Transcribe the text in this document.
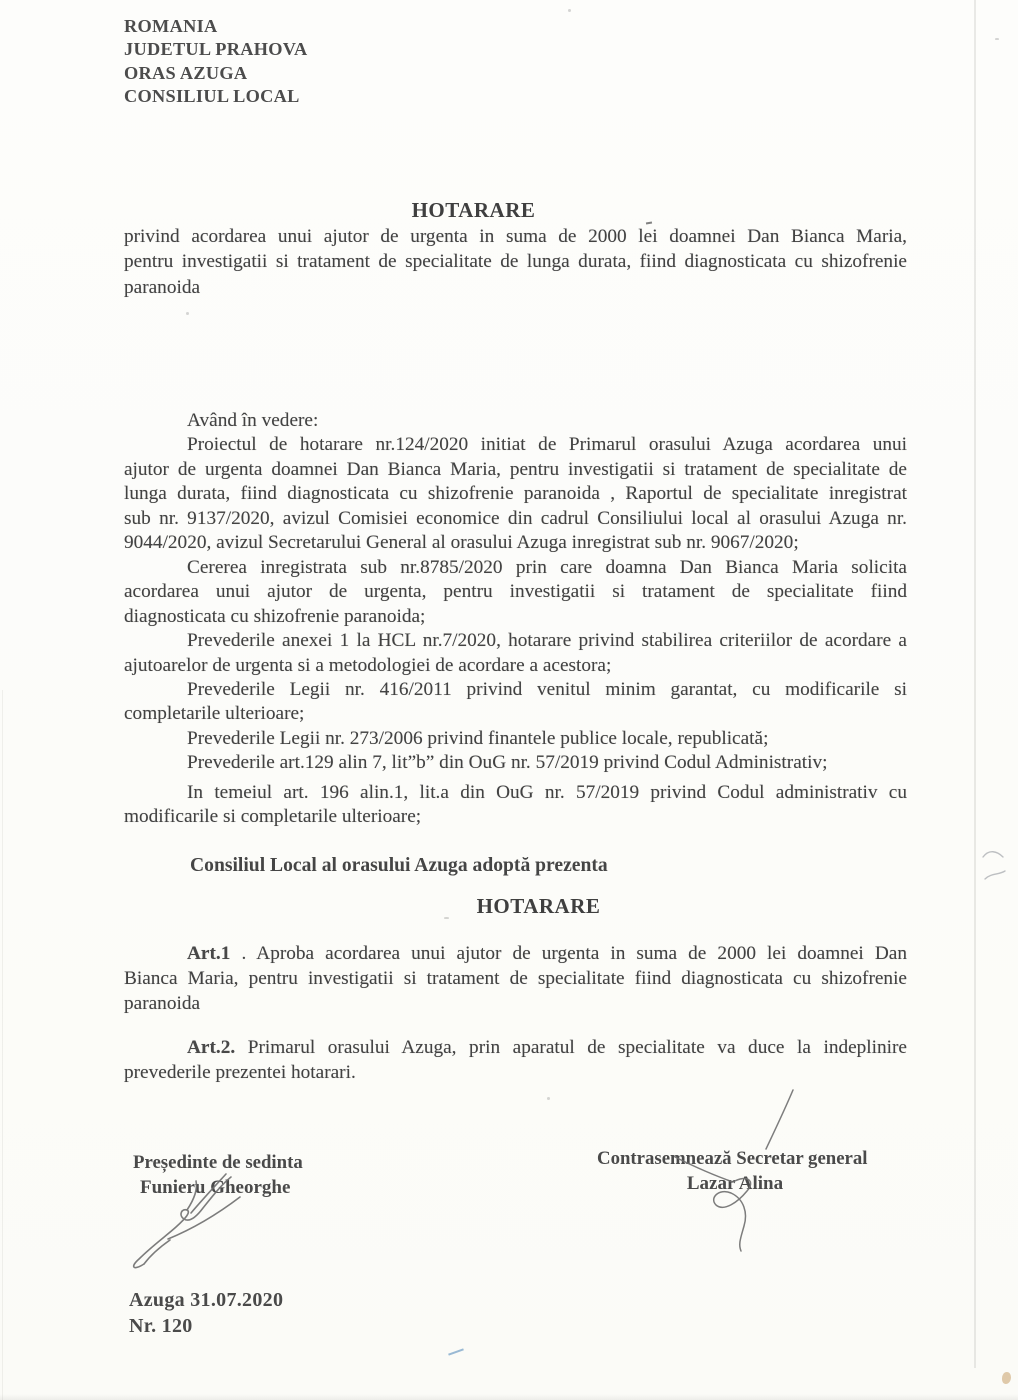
ROMANIA
JUDETUL PRAHOVA
ORAS AZUGA
CONSILIUL LOCAL
HOTARARE
privind acordarea unui ajutor de urgenta in suma de 2000 lei doamnei Dan Bianca Maria,
pentru investigatii si tratament de specialitate de lunga durata, fiind diagnosticata cu shizofrenie
paranoida
Având în vedere:
Proiectul de hotarare nr.124/2020 initiat de Primarul orasului Azuga acordarea unui
ajutor de urgenta doamnei Dan Bianca Maria, pentru investigatii si tratament de specialitate de
lunga durata, fiind diagnosticata cu shizofrenie paranoida , Raportul de specialitate inregistrat
sub nr. 9137/2020, avizul Comisiei economice din cadrul Consiliului local al orasului Azuga nr.
9044/2020, avizul Secretarului General al orasului Azuga inregistrat sub nr. 9067/2020;
Cererea inregistrata sub nr.8785/2020 prin care doamna Dan Bianca Maria solicita
acordarea unui ajutor de urgenta, pentru investigatii si tratament de specialitate fiind
diagnosticata cu shizofrenie paranoida;
Prevederile anexei 1 la HCL nr.7/2020, hotarare privind stabilirea criteriilor de acordare a
ajutoarelor de urgenta si a metodologiei de acordare a acestora;
Prevederile Legii nr. 416/2011 privind venitul minim garantat, cu modificarile si
completarile ulterioare;
Prevederile Legii nr. 273/2006 privind finantele publice locale, republicată;
Prevederile art.129 alin 7, lit”b” din OuG nr. 57/2019 privind Codul Administrativ;
In temeiul art. 196 alin.1, lit.a din OuG nr. 57/2019 privind Codul administrativ cu
modificarile si completarile ulterioare;
Consiliul Local al orasului Azuga adoptă prezenta
HOTARARE
Art.1 . Aproba acordarea unui ajutor de urgenta in suma de 2000 lei doamnei Dan
Bianca Maria, pentru investigatii si tratament de specialitate fiind diagnosticata cu shizofrenie
paranoida
Art.2. Primarul orasului Azuga, prin aparatul de specialitate va duce la indeplinire
prevederile prezentei hotarari.
Președinte de sedinta
Funieru Gheorghe
Contrasemnează Secretar general
Lazar Alina
Azuga 31.07.2020
Nr. 120
